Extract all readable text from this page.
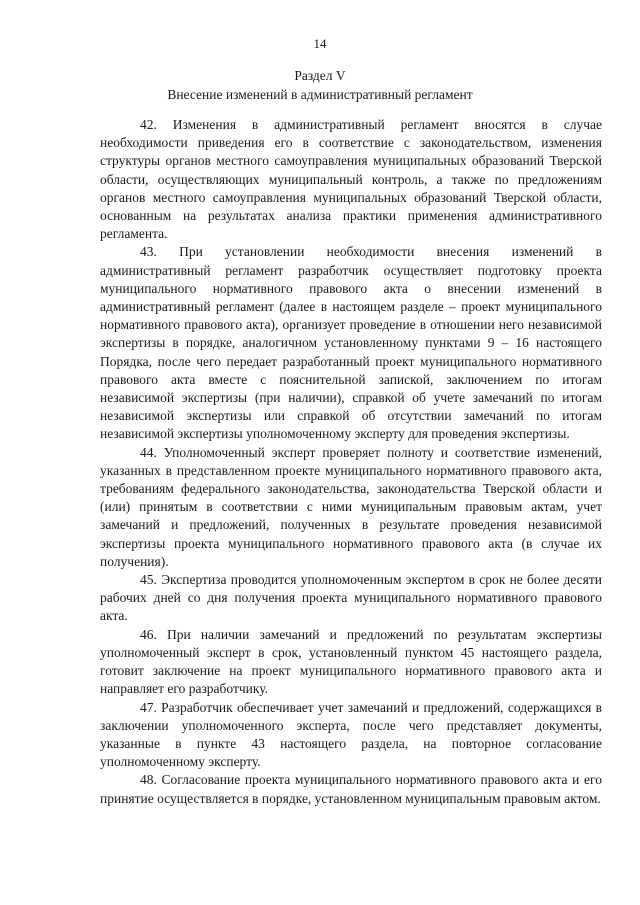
14
Раздел V
Внесение изменений в административный регламент

42. Изменения в административный регламент вносятся в случае необходимости приведения его в соответствие с законодательством, изменения структуры органов местного самоуправления муниципальных образований Тверской области, осуществляющих муниципальный контроль, а также по предложениям органов местного самоуправления муниципальных образований Тверской области, основанным на результатах анализа практики применения административного регламента.

43. При установлении необходимости внесения изменений в административный регламент разработчик осуществляет подготовку проекта муниципального нормативного правового акта о внесении изменений в административный регламент (далее в настоящем разделе – проект муниципального нормативного правового акта), организует проведение в отношении него независимой экспертизы в порядке, аналогичном установленному пунктами 9 – 16 настоящего Порядка, после чего передает разработанный проект муниципального нормативного правового акта вместе с пояснительной запиской, заключением по итогам независимой экспертизы (при наличии), справкой об учете замечаний по итогам независимой экспертизы или справкой об отсутствии замечаний по итогам независимой экспертизы уполномоченному эксперту для проведения экспертизы.

44. Уполномоченный эксперт проверяет полноту и соответствие изменений, указанных в представленном проекте муниципального нормативного правового акта, требованиям федерального законодательства, законодательства Тверской области и (или) принятым в соответствии с ними муниципальным правовым актам, учет замечаний и предложений, полученных в результате проведения независимой экспертизы проекта муниципального нормативного правового акта (в случае их получения).

45. Экспертиза проводится уполномоченным экспертом в срок не более десяти рабочих дней со дня получения проекта муниципального нормативного правового акта.

46. При наличии замечаний и предложений по результатам экспертизы уполномоченный эксперт в срок, установленный пунктом 45 настоящего раздела, готовит заключение на проект муниципального нормативного правового акта и направляет его разработчику.

47. Разработчик обеспечивает учет замечаний и предложений, содержащихся в заключении уполномоченного эксперта, после чего представляет документы, указанные в пункте 43 настоящего раздела, на повторное согласование уполномоченному эксперту.

48. Согласование проекта муниципального нормативного правового акта и его принятие осуществляется в порядке, установленном муниципальным правовым актом.
